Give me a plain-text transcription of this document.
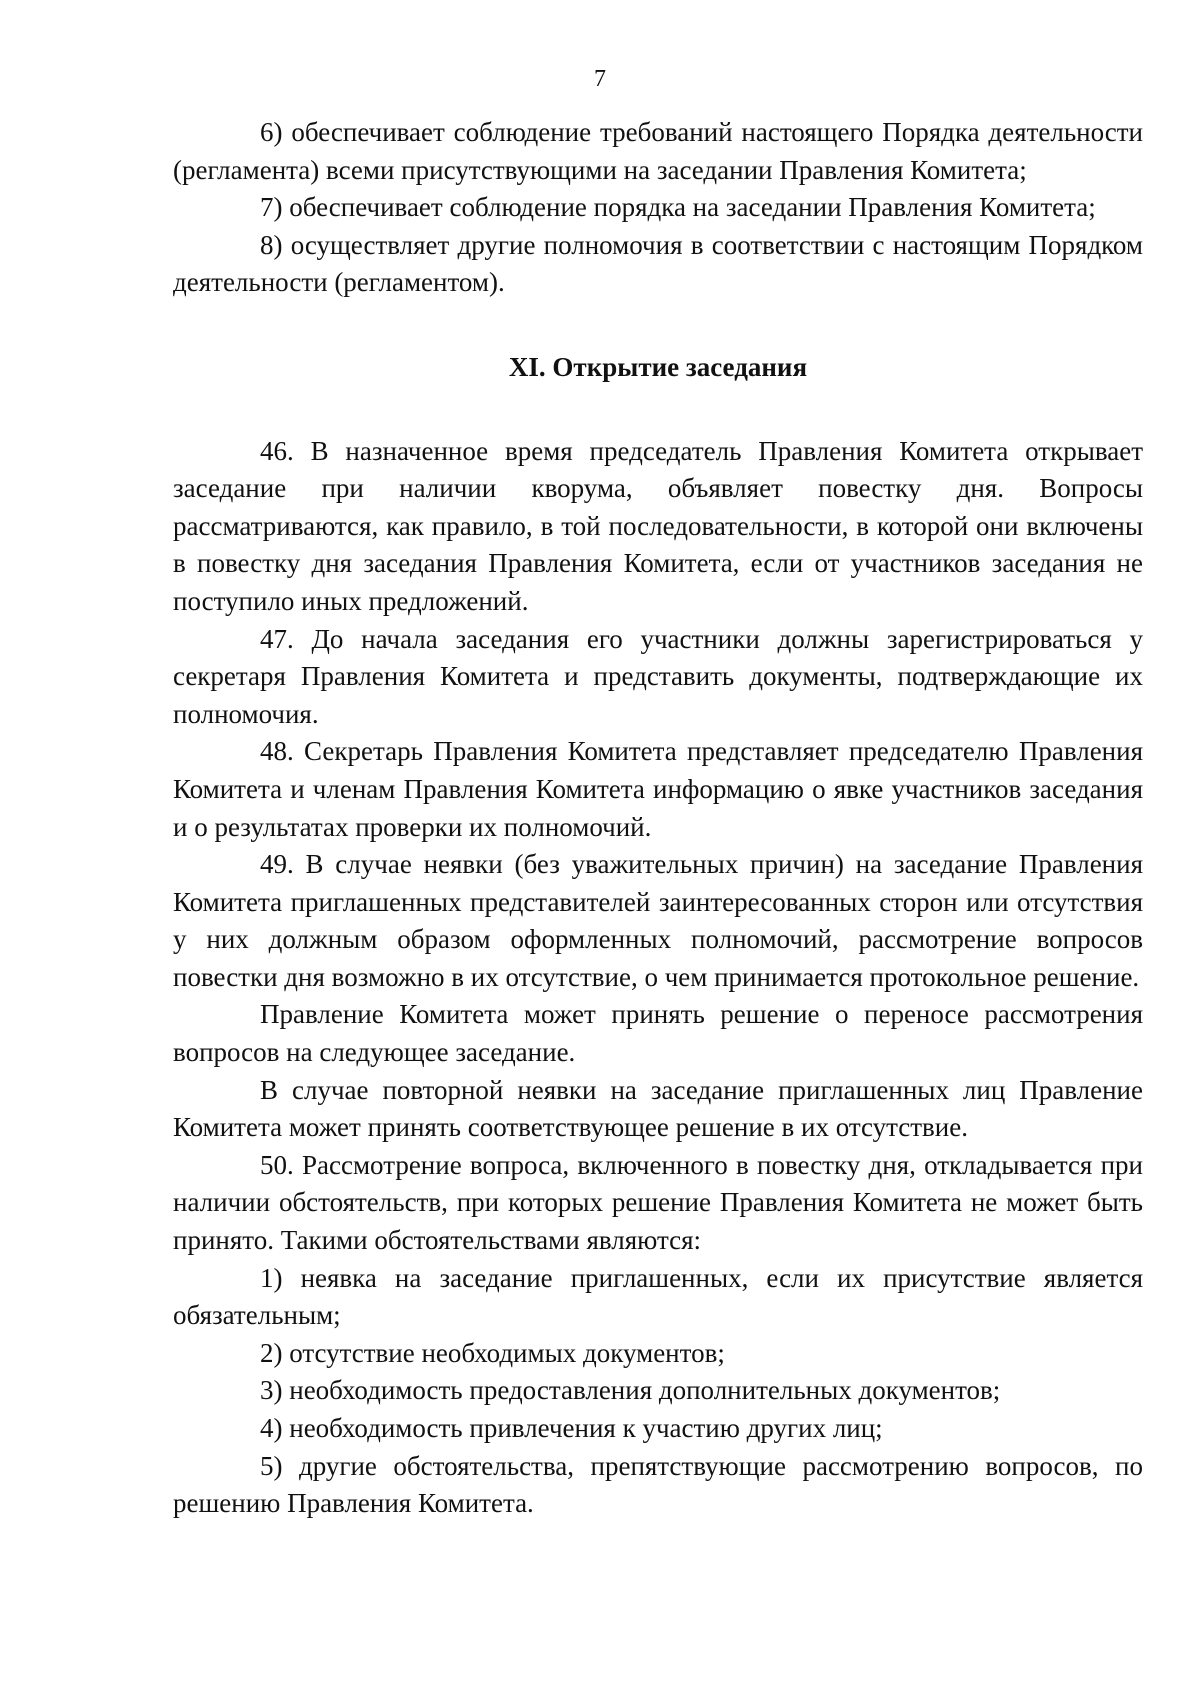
7

6) обеспечивает соблюдение требований настоящего Порядка деятельности (регламента) всеми присутствующими на заседании Правления Комитета;

7) обеспечивает соблюдение порядка на заседании Правления Комитета;

8) осуществляет другие полномочия в соответствии с настоящим Порядком деятельности (регламентом).

XI. Открытие заседания

46. В назначенное время председатель Правления Комитета открывает заседание при наличии кворума, объявляет повестку дня. Вопросы рассматриваются, как правило, в той последовательности, в которой они включены в повестку дня заседания Правления Комитета, если от участников заседания не поступило иных предложений.

47. До начала заседания его участники должны зарегистрироваться у секретаря Правления Комитета и представить документы, подтверждающие их полномочия.

48. Секретарь Правления Комитета представляет председателю Правления Комитета и членам Правления Комитета информацию о явке участников заседания и о результатах проверки их полномочий.

49. В случае неявки (без уважительных причин) на заседание Правления Комитета приглашенных представителей заинтересованных сторон или отсутствия у них должным образом оформленных полномочий, рассмотрение вопросов повестки дня возможно в их отсутствие, о чем принимается протокольное решение.

Правление Комитета может принять решение о переносе рассмотрения вопросов на следующее заседание.

В случае повторной неявки на заседание приглашенных лиц Правление Комитета может принять соответствующее решение в их отсутствие.

50. Рассмотрение вопроса, включенного в повестку дня, откладывается при наличии обстоятельств, при которых решение Правления Комитета не может быть принято. Такими обстоятельствами являются:

1) неявка на заседание приглашенных, если их присутствие является обязательным;

2) отсутствие необходимых документов;

3) необходимость предоставления дополнительных документов;

4) необходимость привлечения к участию других лиц;

5) другие обстоятельства, препятствующие рассмотрению вопросов, по решению Правления Комитета.
